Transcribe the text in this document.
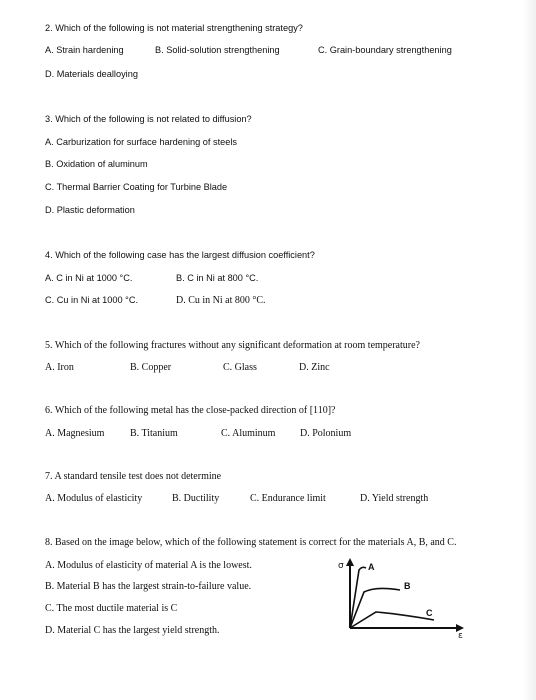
2. Which of the following is not material strengthening strategy?
A. Strain hardening	B. Solid-solution strengthening	C. Grain-boundary strengthening
D. Materials dealloying
3. Which of the following is not related to diffusion?
A. Carburization for surface hardening of steels
B. Oxidation of aluminum
C. Thermal Barrier Coating for Turbine Blade
D. Plastic deformation
4. Which of the following case has the largest diffusion coefficient?
A. C in Ni at 1000 °C.	B. C in Ni at 800 °C.
C. Cu in Ni at 1000 °C.	D. Cu in Ni at 800 °C.
5. Which of the following fractures without any significant deformation at room temperature?
A. Iron	B. Copper	C. Glass	D. Zinc
6. Which of the following metal has the close-packed direction of [110]?
A. Magnesium	B. Titanium	C. Aluminum D. Polonium
7. A standard tensile test does not determine
A. Modulus of elasticity	B. Ductility	C. Endurance limit	D. Yield strength
8. Based on the image below, which of the following statement is correct for the materials A, B, and C.
A. Modulus of elasticity of material A is the lowest.
B. Material B has the largest strain-to-failure value.
C. The most ductile material is C
D. Material C has the largest yield strength.
σ
ε
A
B
C
